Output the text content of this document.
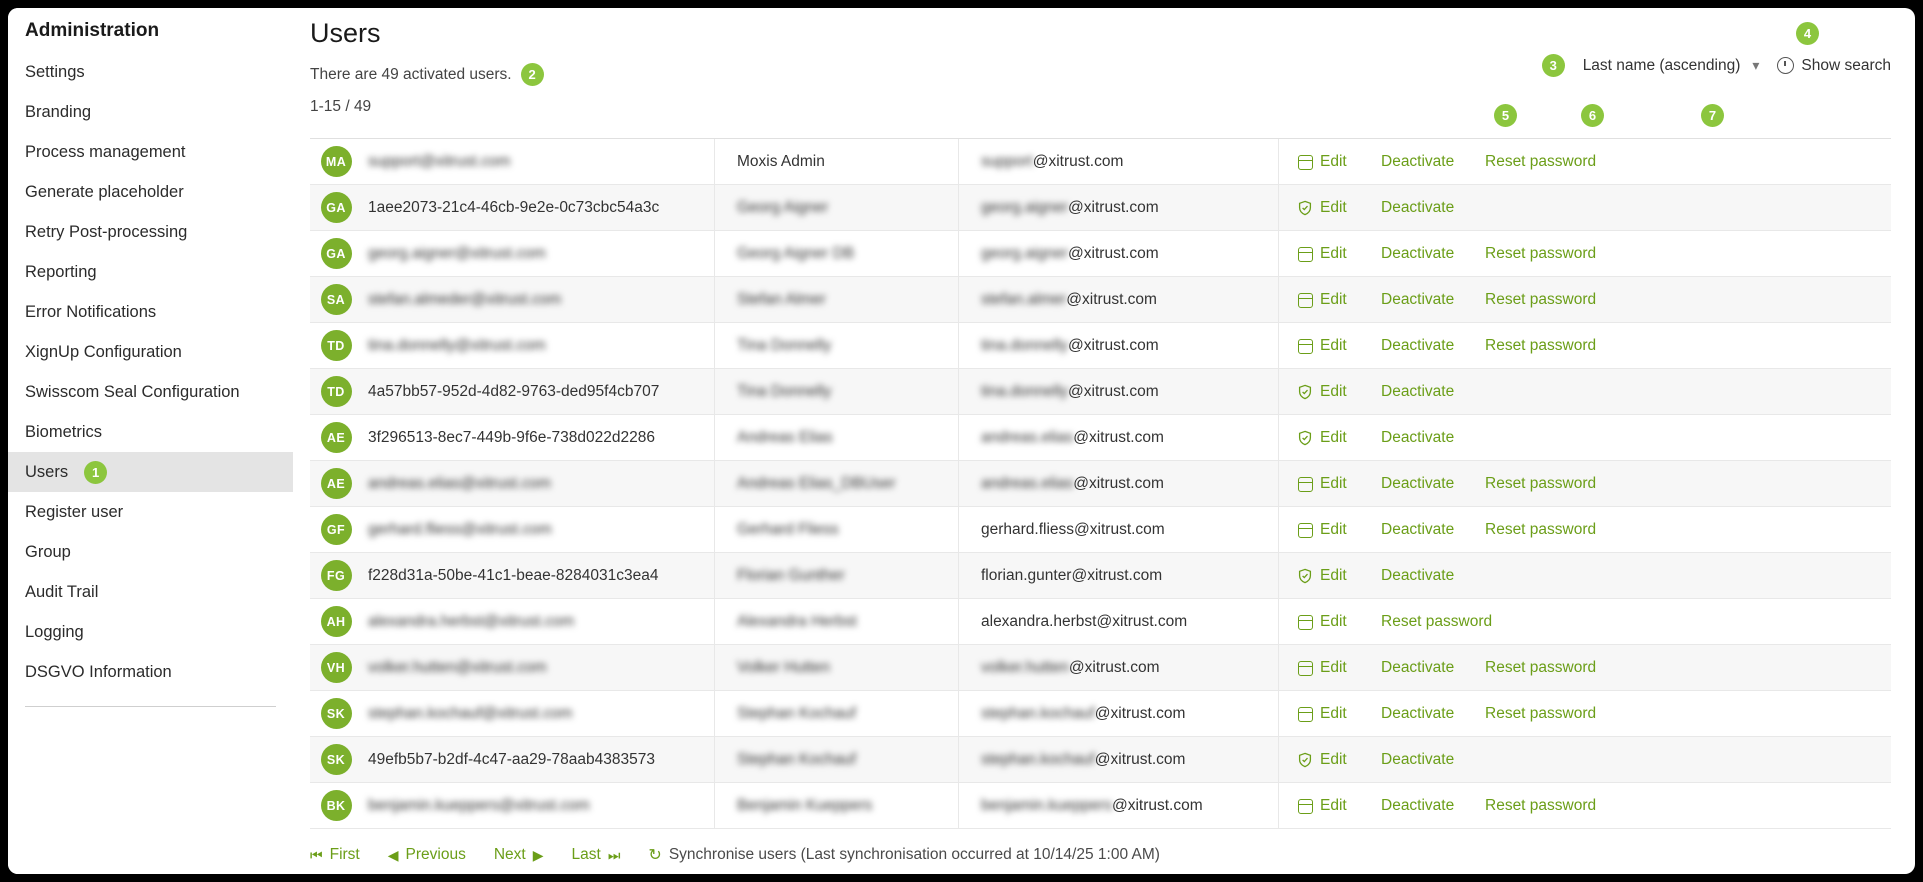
Administration
Settings
Branding
Process management
Generate placeholder
Retry Post-processing
Reporting
Error Notifications
XignUp Configuration
Swisscom Seal Configuration
Biometrics
Users	1
Register user
Group
Audit Trail
Logging
DSGVO Information
Users
There are 49 activated users.	2
1-15 / 49
3	Last name (ascending) ▾	Show search
4
5	6	7
MA	support@xitrust.com	Moxis Admin	support @xitrust.com	Edit Deactivate Reset password
GA	1aee2073-21c4-46cb-9e2e-0c73cbc54a3c	Georg Aigner	georg.aigner @xitrust.com	Edit Deactivate
GA	georg.aigner@xitrust.com	Georg Aigner DB	georg.aigner @xitrust.com	Edit Deactivate Reset password
SA	stefan.almeder@xitrust.com	Stefan Almer	stefan.almer @xitrust.com	Edit Deactivate Reset password
TD	tina.donnelly@xitrust.com	Tina Donnelly	tina.donnelly @xitrust.com	Edit Deactivate Reset password
TD	4a57bb57-952d-4d82-9763-ded95f4cb707	Tina Donnelly	tina.donnelly @xitrust.com	Edit Deactivate
AE	3f296513-8ec7-449b-9f6e-738d022d2286	Andreas Elias	andreas.elias @xitrust.com	Edit Deactivate
AE	andreas.elias@xitrust.com	Andreas Elias_DBUser	andreas.elias @xitrust.com	Edit Deactivate Reset password
GF	gerhard.fliess@xitrust.com	Gerhard Fliess	gerhard.fliess @xitrust.com	Edit Deactivate Reset password
FG	f228d31a-50be-41c1-beae-8284031c3ea4	Florian Gunther	florian.gunter @xitrust.com	Edit Deactivate
AH	alexandra.herbst@xitrust.com	Alexandra Herbst	alexandra.herbst @xitrust.com	Edit Reset password
VH	volker.hutten@xitrust.com	Volker Hutten	volker.hutten @xitrust.com	Edit Deactivate Reset password
SK	stephan.kochauf@xitrust.com	Stephan Kochauf	stephan.kochauf @xitrust.com	Edit Deactivate Reset password
SK	49efb5b7-b2df-4c47-aa29-78aab4383573	Stephan Kochauf	stephan.kochauf @xitrust.com	Edit Deactivate
BK	benjamin.kueppers@xitrust.com	Benjamin Kueppers	benjamin.kueppers @xitrust.com	Edit Deactivate Reset password
⏮ First ◀ Previous Next ▶ Last ⏭ ↻ Synchronise users (Last synchronisation occurred at 10/14/25 1:00 AM)
